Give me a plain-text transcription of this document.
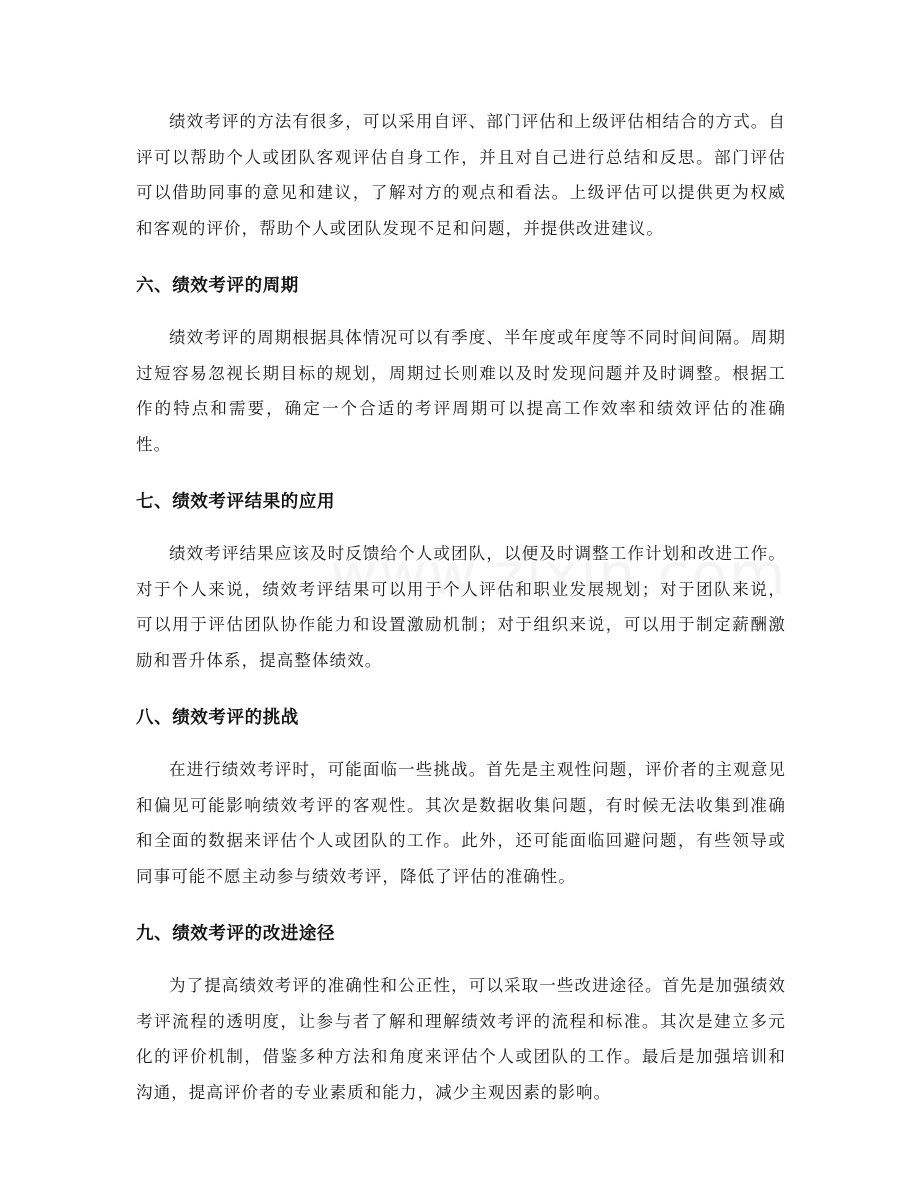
绩效考评的方法有很多，可以采用自评、部门评估和上级评估相结合的方式。自评可以帮助个人或团队客观评估自身工作，并且对自己进行总结和反思。部门评估可以借助同事的意见和建议，了解对方的观点和看法。上级评估可以提供更为权威和客观的评价，帮助个人或团队发现不足和问题，并提供改进建议。

六、绩效考评的周期

绩效考评的周期根据具体情况可以有季度、半年度或年度等不同时间间隔。周期过短容易忽视长期目标的规划，周期过长则难以及时发现问题并及时调整。根据工作的特点和需要，确定一个合适的考评周期可以提高工作效率和绩效评估的准确性。

七、绩效考评结果的应用

绩效考评结果应该及时反馈给个人或团队，以便及时调整工作计划和改进工作。对于个人来说，绩效考评结果可以用于个人评估和职业发展规划；对于团队来说，可以用于评估团队协作能力和设置激励机制；对于组织来说，可以用于制定薪酬激励和晋升体系，提高整体绩效。

八、绩效考评的挑战

在进行绩效考评时，可能面临一些挑战。首先是主观性问题，评价者的主观意见和偏见可能影响绩效考评的客观性。其次是数据收集问题，有时候无法收集到准确和全面的数据来评估个人或团队的工作。此外，还可能面临回避问题，有些领导或同事可能不愿主动参与绩效考评，降低了评估的准确性。

九、绩效考评的改进途径

为了提高绩效考评的准确性和公正性，可以采取一些改进途径。首先是加强绩效考评流程的透明度，让参与者了解和理解绩效考评的流程和标准。其次是建立多元化的评价机制，借鉴多种方法和角度来评估个人或团队的工作。最后是加强培训和沟通，提高评价者的专业素质和能力，减少主观因素的影响。
